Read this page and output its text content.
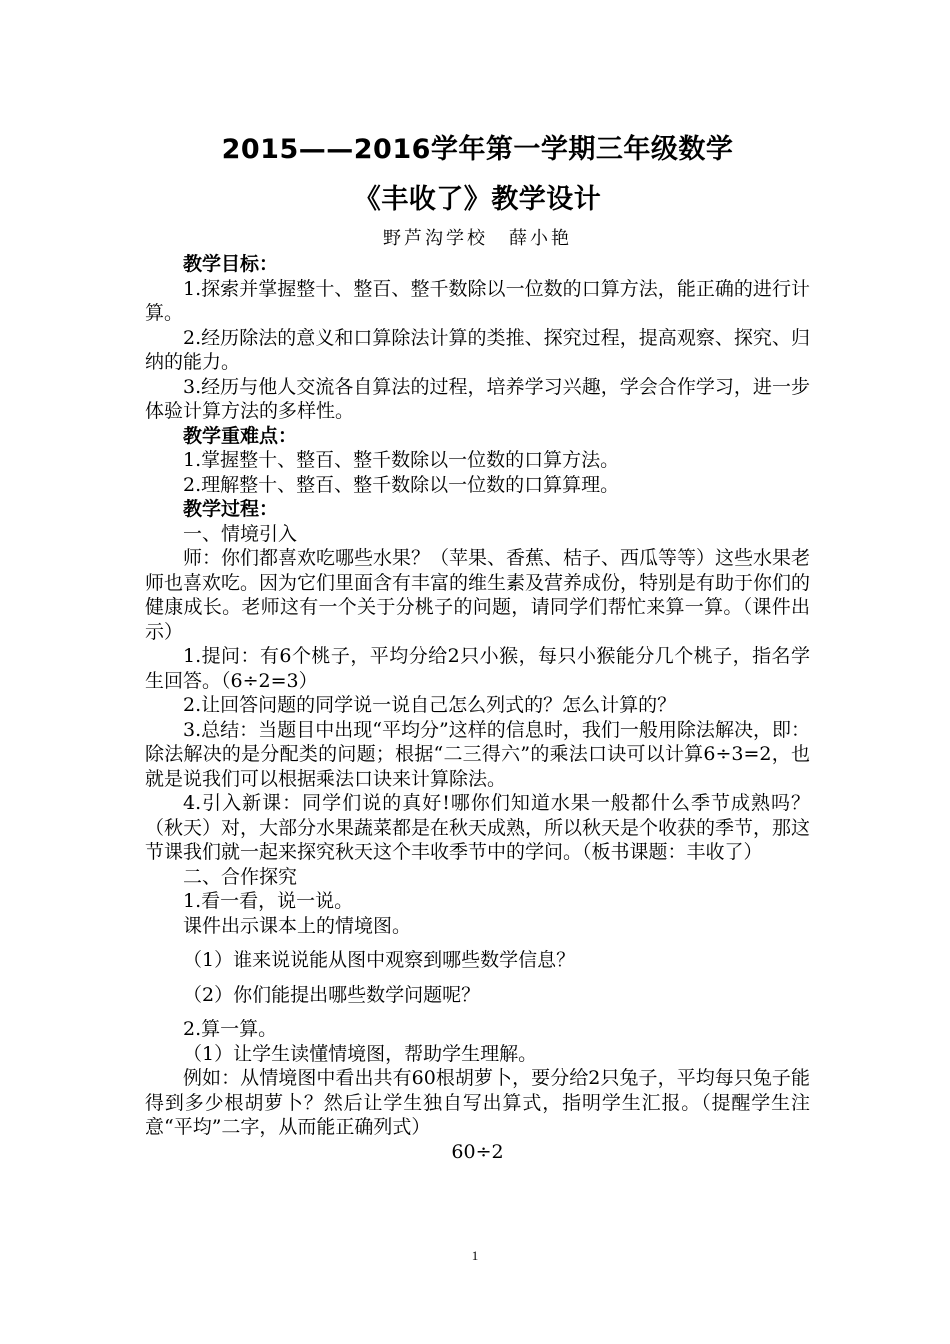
2015——2016学年第一学期三年级数学
《丰收了》教学设计

野芦沟学校　薛小艳

教学目标：

1.探索并掌握整十、整百、整千数除以一位数的口算方法，能正确的进行计算。

2.经历除法的意义和口算除法计算的类推、探究过程，提高观察、探究、归纳的能力。

3.经历与他人交流各自算法的过程，培养学习兴趣，学会合作学习，进一步体验计算方法的多样性。

教学重难点：

1.掌握整十、整百、整千数除以一位数的口算方法。

2.理解整十、整百、整千数除以一位数的口算算理。

教学过程：

一、情境引入

师：你们都喜欢吃哪些水果？（苹果、香蕉、桔子、西瓜等等）这些水果老师也喜欢吃。因为它们里面含有丰富的维生素及营养成份，特别是有助于你们的健康成长。老师这有一个关于分桃子的问题，请同学们帮忙来算一算。（课件出示）

1.提问：有6个桃子，平均分给2只小猴，每只小猴能分几个桃子，指名学生回答。（6÷2=3）

2.让回答问题的同学说一说自己怎么列式的？怎么计算的？

3.总结：当题目中出现“平均分”这样的信息时，我们一般用除法解决，即：除法解决的是分配类的问题；根据“二三得六”的乘法口诀可以计算6÷3=2，也就是说我们可以根据乘法口诀来计算除法。

4.引入新课：同学们说的真好!哪你们知道水果一般都什么季节成熟吗？（秋天）对，大部分水果蔬菜都是在秋天成熟，所以秋天是个收获的季节，那这节课我们就一起来探究秋天这个丰收季节中的学问。（板书课题：丰收了）

二、合作探究

1.看一看，说一说。

课件出示课本上的情境图。

（1）谁来说说能从图中观察到哪些数学信息？

（2）你们能提出哪些数学问题呢？

2.算一算。

（1）让学生读懂情境图，帮助学生理解。

例如：从情境图中看出共有60根胡萝卜，要分给2只兔子，平均每只兔子能得到多少根胡萝卜？然后让学生独自写出算式，指明学生汇报。（提醒学生注意“平均”二字，从而能正确列式）

60÷2

1
